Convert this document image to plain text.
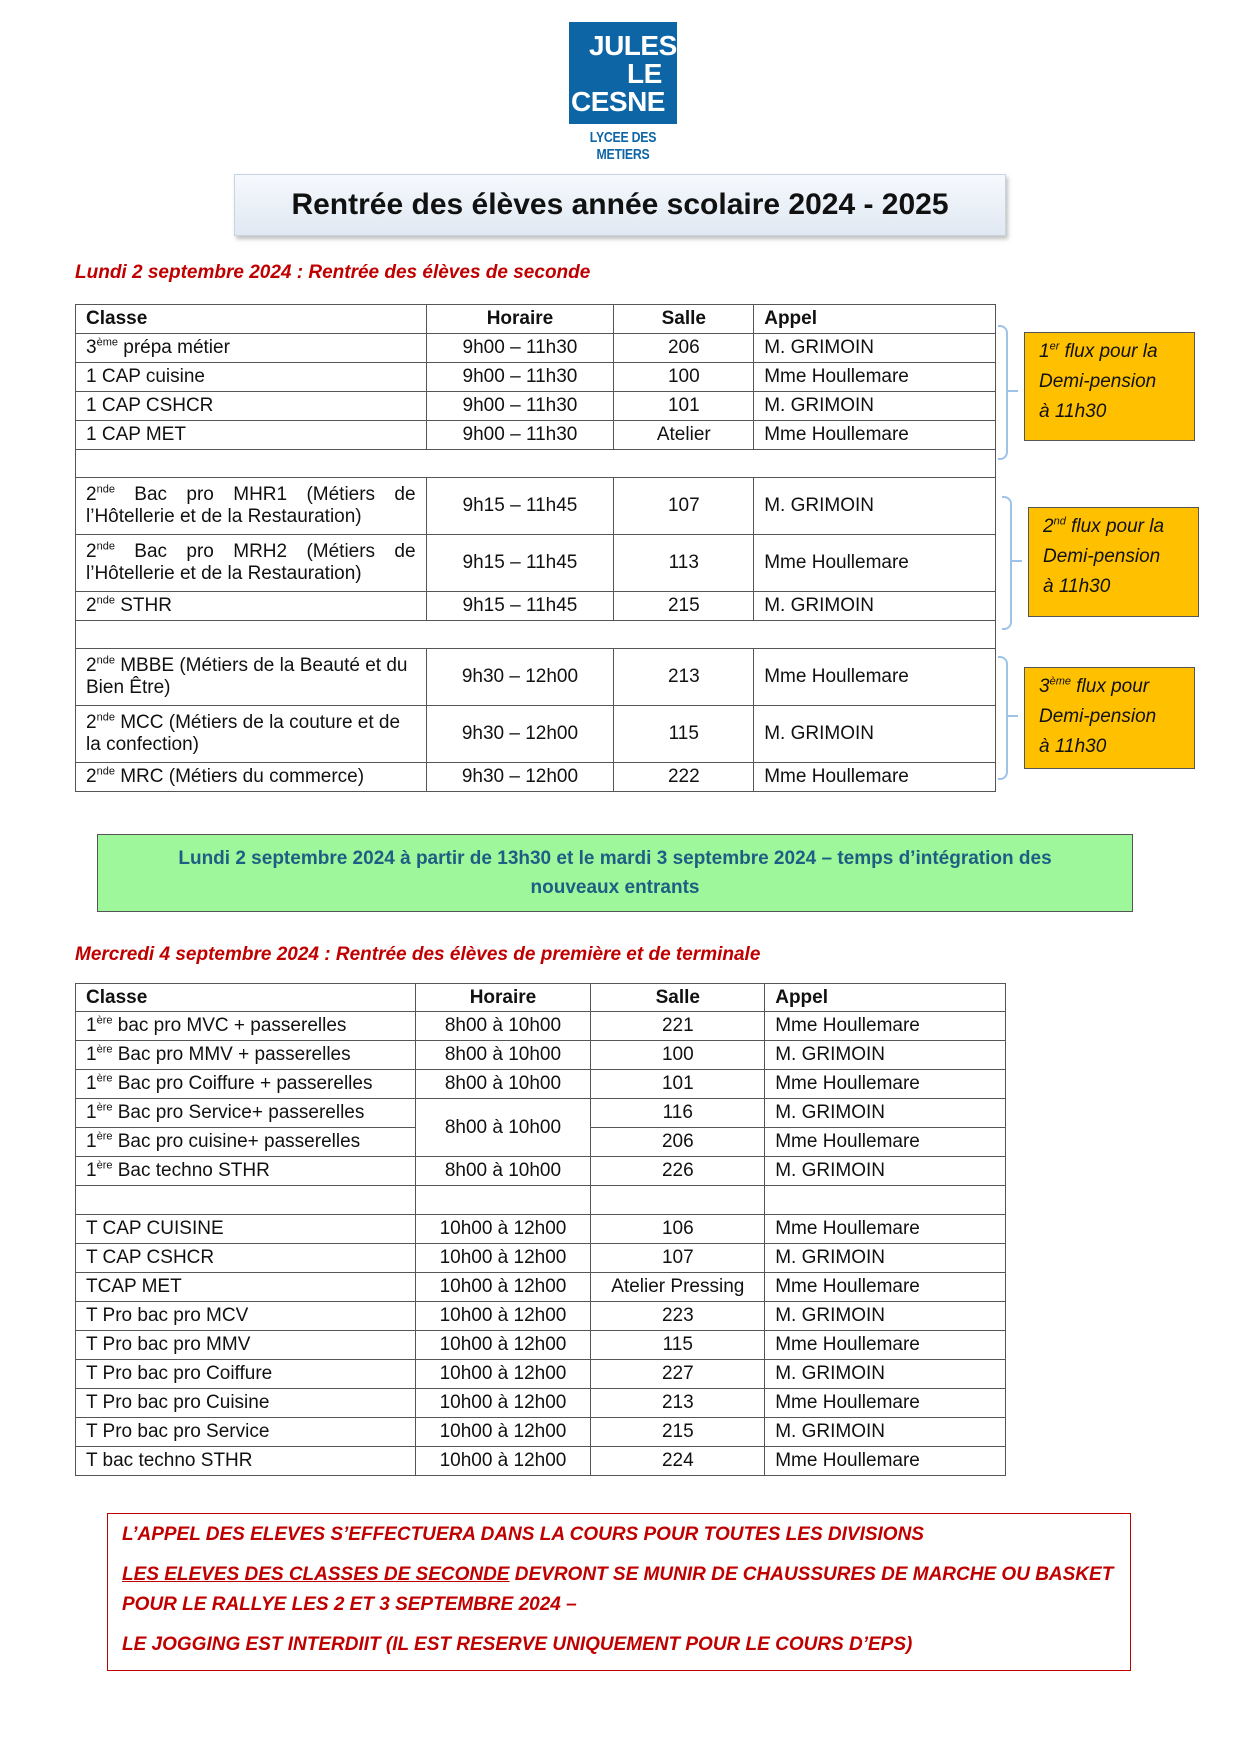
JULES
LE
CESNE
LYCEE DES METIERS
Rentrée des élèves année scolaire 2024 - 2025
Lundi 2 septembre 2024 : Rentrée des élèves de seconde
Classe	Horaire	Salle	Appel
3ème prépa métier	9h00 – 11h30	206	M. GRIMOIN
1 CAP cuisine	9h00 – 11h30	100	Mme Houllemare
1 CAP CSHCR	9h00 – 11h30	101	M. GRIMOIN
1 CAP MET	9h00 – 11h30	Atelier	Mme Houllemare

2nde Bac pro MHR1 (Métiers de l’Hôtellerie et de la Restauration)	9h15 – 11h45	107	M. GRIMOIN
2nde Bac pro MRH2 (Métiers de l’Hôtellerie et de la Restauration)	9h15 – 11h45	113	Mme Houllemare
2nde STHR	9h15 – 11h45	215	M. GRIMOIN

2nde MBBE (Métiers de la Beauté et du Bien Être)	9h30 – 12h00	213	Mme Houllemare
2nde MCC (Métiers de la couture et de la confection)	9h30 – 12h00	115	M. GRIMOIN
2nde MRC (Métiers du commerce)	9h30 – 12h00	222	Mme Houllemare
1er flux pour la
Demi-pension
à 11h30
2nd flux pour la
Demi-pension
à 11h30
3ème flux pour
Demi-pension
à 11h30
Lundi 2 septembre 2024 à partir de 13h30 et le mardi 3 septembre 2024 – temps d’intégration des
nouveaux entrants
Mercredi 4 septembre 2024 : Rentrée des élèves de première et de terminale
Classe	Horaire	Salle	Appel
1ère bac pro MVC + passerelles	8h00 à 10h00	221	Mme Houllemare
1ère Bac pro MMV + passerelles	8h00 à 10h00	100	M. GRIMOIN
1ère Bac pro Coiffure + passerelles	8h00 à 10h00	101	Mme Houllemare
1ère Bac pro Service+ passerelles	8h00 à 10h00	116	M. GRIMOIN
1ère Bac pro cuisine+ passerelles		206	Mme Houllemare
1ère Bac techno STHR	8h00 à 10h00	226	M. GRIMOIN

T CAP CUISINE	10h00 à 12h00	106	Mme Houllemare
T CAP CSHCR	10h00 à 12h00	107	M. GRIMOIN
TCAP MET	10h00 à 12h00	Atelier Pressing	Mme Houllemare
T Pro bac pro MCV	10h00 à 12h00	223	M. GRIMOIN
T Pro bac pro MMV	10h00 à 12h00	115	Mme Houllemare
T Pro bac pro Coiffure	10h00 à 12h00	227	M. GRIMOIN
T Pro bac pro Cuisine	10h00 à 12h00	213	Mme Houllemare
T Pro bac pro Service	10h00 à 12h00	215	M. GRIMOIN
T bac techno STHR	10h00 à 12h00	224	Mme Houllemare

L’APPEL DES ELEVES S’EFFECTUERA DANS LA COURS POUR TOUTES LES DIVISIONS

LES ELEVES DES CLASSES DE SECONDE DEVRONT SE MUNIR DE CHAUSSURES DE MARCHE OU BASKET

POUR LE RALLYE LES 2 ET 3 SEPTEMBRE 2024 –

LE JOGGING EST INTERDIIT (IL EST RESERVE UNIQUEMENT POUR LE COURS D’EPS)
